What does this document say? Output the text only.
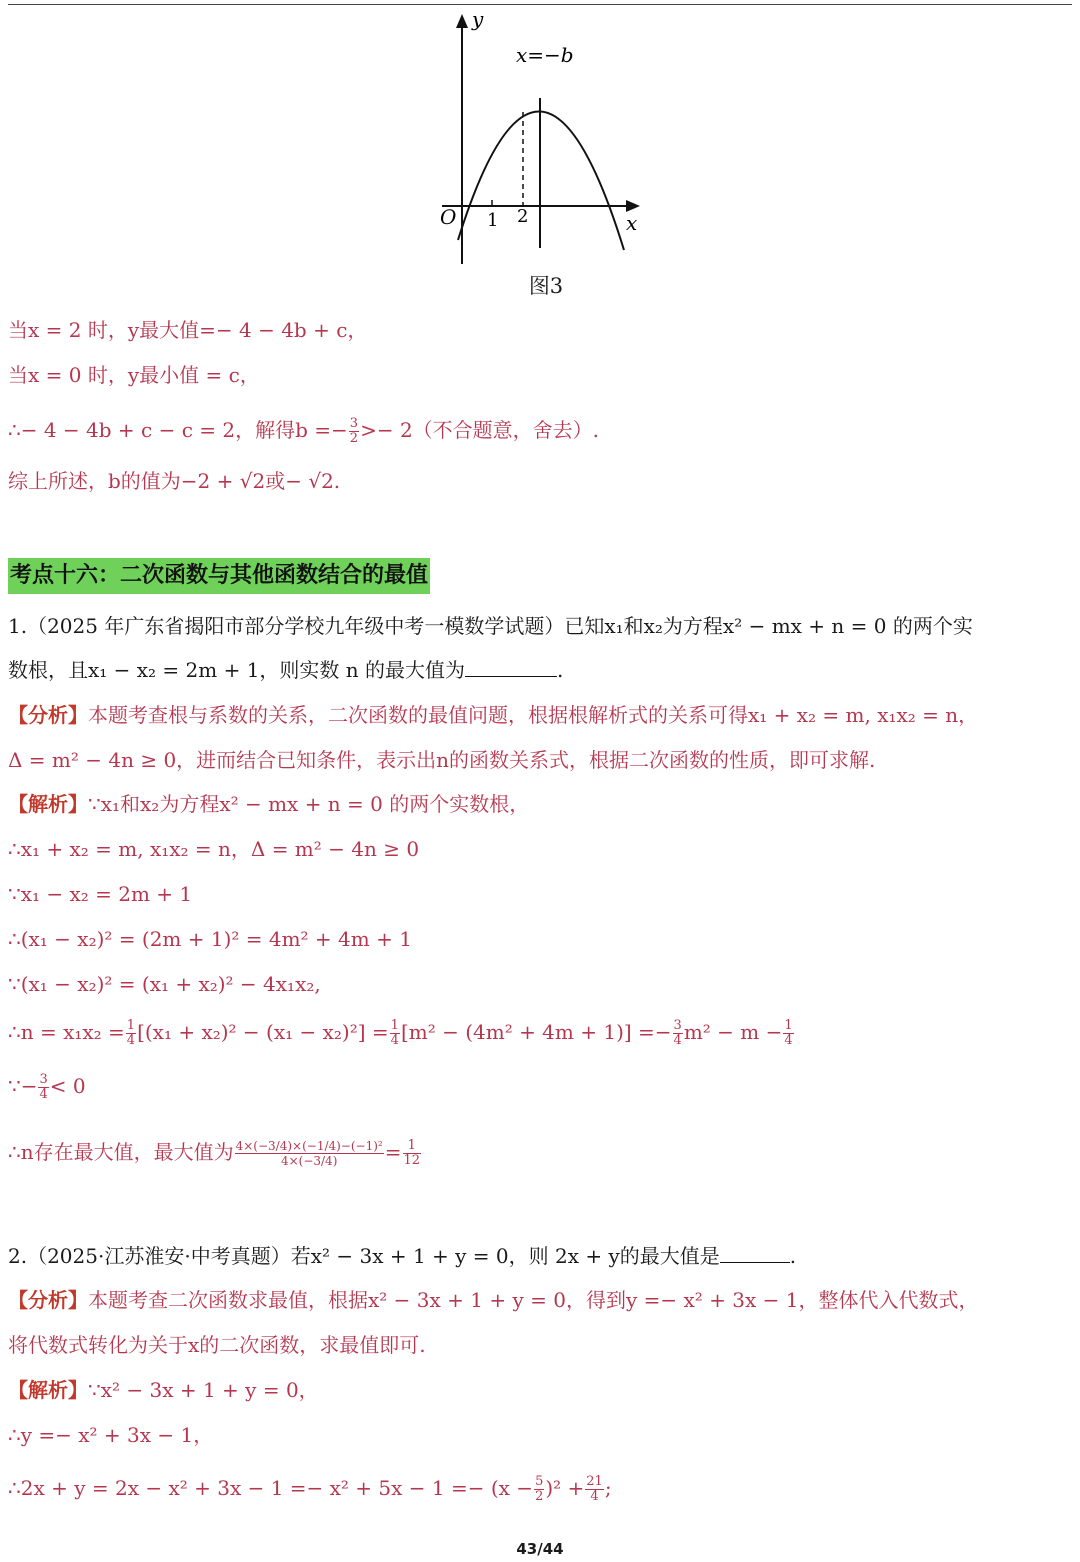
y
x
O 1 2
x=−b
图3
当x = 2 时，y最大值=− 4 − 4b + c，
当x = 0 时，y最小值 = c，
∴− 4 − 4b + c − c = 2，解得$b =- \frac{3}{2} >- 2$（不合题意，舍去）.
综上所述，b的值为−2 + √2或− √2.
考点十六：二次函数与其他函数结合的最值
1.（2025 年广东省揭阳市部分学校九年级中考一模数学试题）已知x₁和x₂为方程x² − mx + n = 0 的两个实
数根，且x₁ − x₂ = 2m + 1，则实数 n 的最大值为	.
【分析】本题考查根与系数的关系，二次函数的最值问题，根据根解析式的关系可得x₁ + x₂ = m, x₁x₂ = n，
Δ = m² − 4n ≥ 0，进而结合已知条件，表示出n的函数关系式，根据二次函数的性质，即可求解.
【解析】∵x₁和x₂为方程x² − mx + n = 0 的两个实数根，
∴x₁ + x₂ = m, x₁x₂ = n，Δ = m² − 4n ≥ 0
∵x₁ − x₂ = 2m + 1
∴(x₁ − x₂)² = (2m + 1)² = 4m² + 4m + 1
∵(x₁ − x₂)² = (x₁ + x₂)² − 4x₁x₂,
∴n = $x_1x_2 = \frac{1}{4} [(x_1 + x_2)^2 - (x_1 - x_2)^2] = \frac{1}{4} [m^2 - (4m^2 + 4m + 1)] =- \frac{3}{4} m^2 - m - \frac{1}{4}$
∵− $\frac{3}{4} < 0$
∴n存在最大值，最大值为 $\frac{\text{4×(−3/4)×(−1/4)−(−1)²}}{4\times(-3/4)} = \frac{1}{12}$
2.（2025·江苏淮安·中考真题）若x² − 3x + 1 + y = 0，则 2x + y的最大值是	.
【分析】本题考查二次函数求最值，根据x² − 3x + 1 + y = 0，得到y =− x² + 3x − 1，整体代入代数式，
将代数式转化为关于x的二次函数，求最值即可.
【解析】∵x² − 3x + 1 + y = 0，
∴y =− x² + 3x − 1，
∴2x + $y = 2x - x^2 + 3x - 1 =- x^2 + 5x - 1 =- (x - \frac{5}{2} )^2 + \frac{21}{4}$ ;
43/44
